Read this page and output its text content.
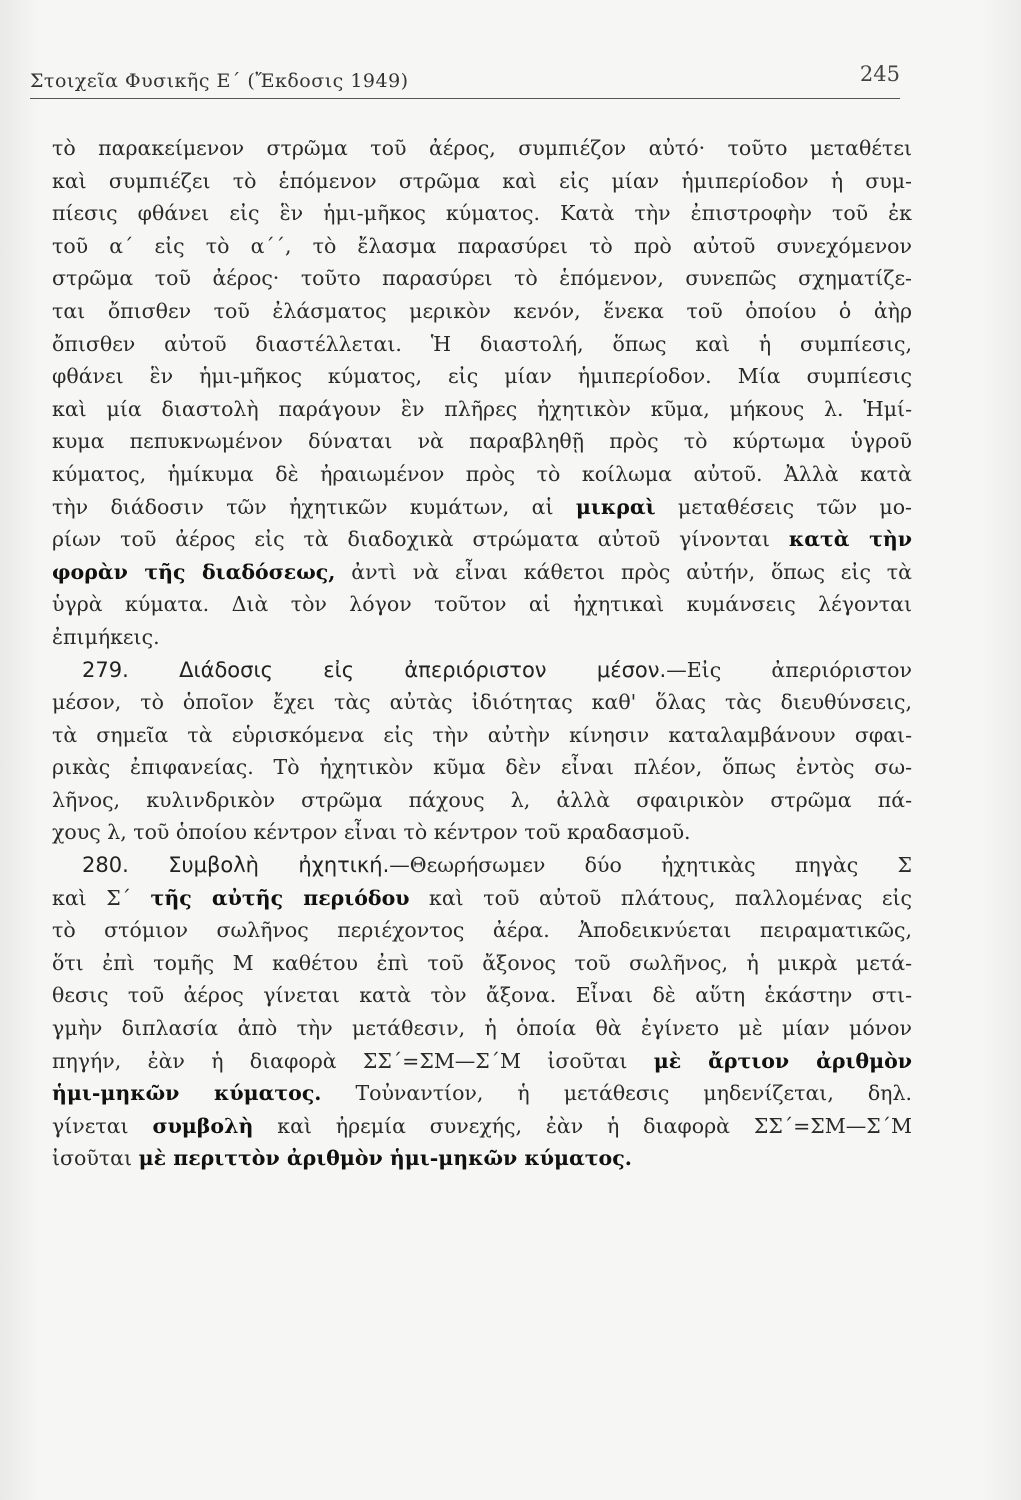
Στοιχεῖα Φυσικῆς Ε΄ (Ἔκδοσις 1949)	245
τὸ παρακείμενον στρῶμα τοῦ ἀέρος, συμπιέζον αὐτό· τοῦτο μεταθέτει
καὶ συμπιέζει τὸ ἑπόμενον στρῶμα καὶ εἰς μίαν ἡμιπερίοδον ἡ συμ-
πίεσις φθάνει εἰς ἓν ἡμι-μῆκος κύματος. Κατὰ τὴν ἐπιστροφὴν τοῦ ἐκ
τοῦ α΄ εἰς τὸ α΄΄, τὸ ἔλασμα παρασύρει τὸ πρὸ αὐτοῦ συνεχόμενον
στρῶμα τοῦ ἀέρος· τοῦτο παρασύρει τὸ ἑπόμενον, συνεπῶς σχηματίζε-
ται ὄπισθεν τοῦ ἐλάσματος μερικὸν κενόν, ἕνεκα τοῦ ὁποίου ὁ ἀὴρ
ὄπισθεν αὐτοῦ διαστέλλεται. Ἡ διαστολή, ὅπως καὶ ἡ συμπίεσις,
φθάνει ἓν ἡμι-μῆκος κύματος, εἰς μίαν ἡμιπερίοδον. Μία συμπίεσις
καὶ μία διαστολὴ παράγουν ἓν πλῆρες ἠχητικὸν κῦμα, μήκους λ. Ἡμί-
κυμα πεπυκνωμένον δύναται νὰ παραβληθῇ πρὸς τὸ κύρτωμα ὑγροῦ
κύματος, ἡμίκυμα δὲ ἠραιωμένον πρὸς τὸ κοίλωμα αὐτοῦ. Ἀλλὰ κατὰ
τὴν διάδοσιν τῶν ἠχητικῶν κυμάτων, αἱ μικραὶ μεταθέσεις τῶν μο-
ρίων τοῦ ἀέρος εἰς τὰ διαδοχικὰ στρώματα αὐτοῦ γίνονται κατὰ τὴν
φορὰν τῆς διαδόσεως, ἀντὶ νὰ εἶναι κάθετοι πρὸς αὐτήν, ὅπως εἰς τὰ
ὑγρὰ κύματα. Διὰ τὸν λόγον τοῦτον αἱ ἠχητικαὶ κυμάνσεις λέγονται
ἐπιμήκεις.
279. Διάδοσις εἰς ἀπεριόριστον μέσον.—Εἰς ἀπεριόριστον
μέσον, τὸ ὁποῖον ἔχει τὰς αὐτὰς ἰδιότητας καθ' ὅλας τὰς διευθύνσεις,
τὰ σημεῖα τὰ εὑρισκόμενα εἰς τὴν αὐτὴν κίνησιν καταλαμβάνουν σφαι-
ρικὰς ἐπιφανείας. Τὸ ἠχητικὸν κῦμα δὲν εἶναι πλέον, ὅπως ἐντὸς σω-
λῆνος, κυλινδρικὸν στρῶμα πάχους λ, ἀλλὰ σφαιρικὸν στρῶμα πά-
χους λ, τοῦ ὁποίου κέντρον εἶναι τὸ κέντρον τοῦ κραδασμοῦ.
280. Συμβολὴ ἠχητική.—Θεωρήσωμεν δύο ἠχητικὰς πηγὰς Σ
καὶ Σ΄ τῆς αὐτῆς περιόδου καὶ τοῦ αὐτοῦ πλάτους, παλλομένας εἰς
τὸ στόμιον σωλῆνος περιέχοντος ἀέρα. Ἀποδεικνύεται πειραματικῶς,
ὅτι ἐπὶ τομῆς Μ καθέτου ἐπὶ τοῦ ἄξονος τοῦ σωλῆνος, ἡ μικρὰ μετά-
θεσις τοῦ ἀέρος γίνεται κατὰ τὸν ἄξονα. Εἶναι δὲ αὕτη ἑκάστην στι-
γμὴν διπλασία ἀπὸ τὴν μετάθεσιν, ἡ ὁποία θὰ ἐγίνετο μὲ μίαν μόνον
πηγήν, ἐὰν ἡ διαφορὰ ΣΣ΄=ΣΜ—Σ΄Μ ἰσοῦται μὲ ἄρτιον ἀριθμὸν
ἡμι-μηκῶν κύματος. Τοὐναντίον, ἡ μετάθεσις μηδενίζεται, δηλ.
γίνεται συμβολὴ καὶ ἠρεμία συνεχής, ἐὰν ἡ διαφορὰ ΣΣ΄=ΣΜ—Σ΄Μ
ἰσοῦται μὲ περιττὸν ἀριθμὸν ἡμι-μηκῶν κύματος.
